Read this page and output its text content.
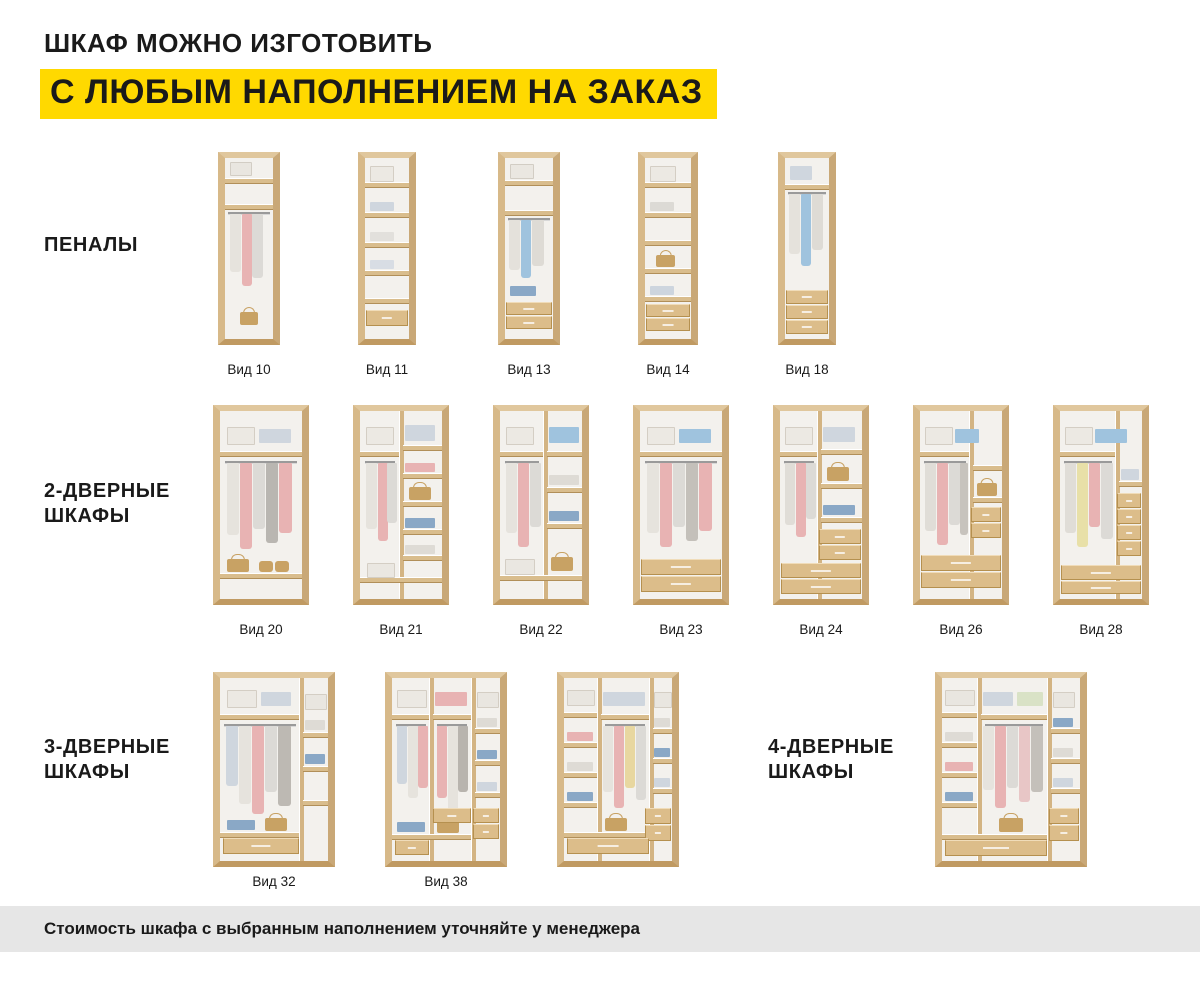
ШКАФ МОЖНО ИЗГОТОВИТЬ
С ЛЮБЫМ НАПОЛНЕНИЕМ НА ЗАКАЗ
ПЕНАЛЫ
2-ДВЕРНЫЕ
ШКАФЫ
3-ДВЕРНЫЕ
ШКАФЫ
4-ДВЕРНЫЕ
ШКАФЫ
Вид 10	Вид 11	Вид 13	Вид 14	Вид 18
Вид 20	Вид 21	Вид 22	Вид 23	Вид 24	Вид 26	Вид 28
Вид 32	Вид 38
Стоимость шкафа с выбранным наполнением уточняйте у менеджера
